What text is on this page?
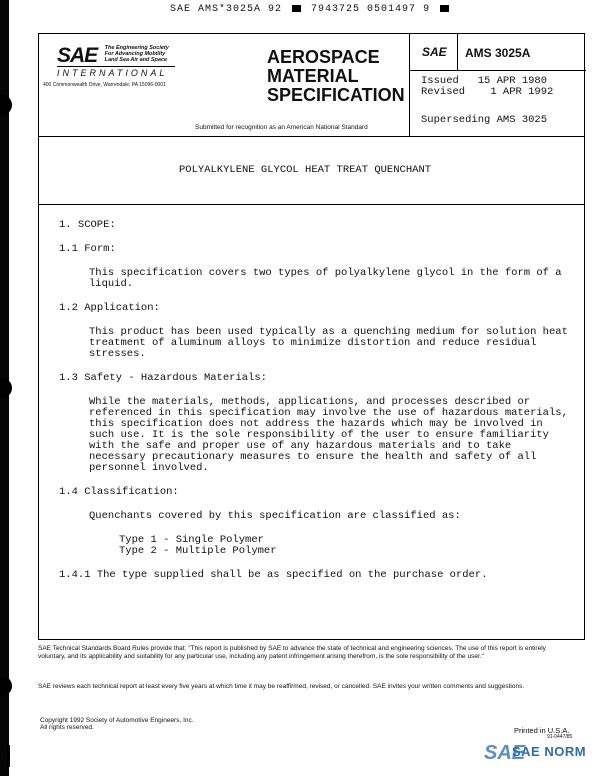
SAE AMS*3025A 92	7943725 0501497 9
SAE The Engineering Society
For Advancing Mobility
Land Sea Air and Space
INTERNATIONAL
400 Commonwealth Drive, Warrendale, PA 15096-0001
AEROSPACE
MATERIAL
SPECIFICATION
Submitted for recognition as an American National Standard
SAE AMS 3025A
Issued 15 APR 1980
Revised 1 APR 1992
Superseding AMS 3025
POLYALKYLENE GLYCOL HEAT TREAT QUENCHANT

1. SCOPE:

1.1 Form:

This specification covers two types of polyalkylene glycol in the form of a liquid.

1.2 Application:

This product has been used typically as a quenching medium for solution heat treatment of aluminum alloys to minimize distortion and reduce residual stresses.

1.3 Safety - Hazardous Materials:

While the materials, methods, applications, and processes described or referenced in this specification may involve the use of hazardous materials, this specification does not address the hazards which may be involved in such use. It is the sole responsibility of the user to ensure familiarity with the safe and proper use of any hazardous materials and to take necessary precautionary measures to ensure the health and safety of all personnel involved.

1.4 Classification:

Quenchants covered by this specification are classified as:

Type 1 - Single Polymer

Type 2 - Multiple Polymer

1.4.1 The type supplied shall be as specified on the purchase order.

SAE Technical Standards Board Rules provide that: "This report is published by SAE to advance the state of technical and engineering sciences. The use of this report is entirely voluntary, and its applicability and suitability for any particular use, including any patent infringement arising therefrom, is the sole responsibility of the user."
SAE reviews each technical report at least every five years at which time it may be reaffirmed, revised, or cancelled. SAE invites your written comments and suggestions.
Copyright 1992 Society of Automotive Engineers, Inc.
All rights reserved.	Printed in U.S.A.
91-0447/85
SAE
SAE NORM
